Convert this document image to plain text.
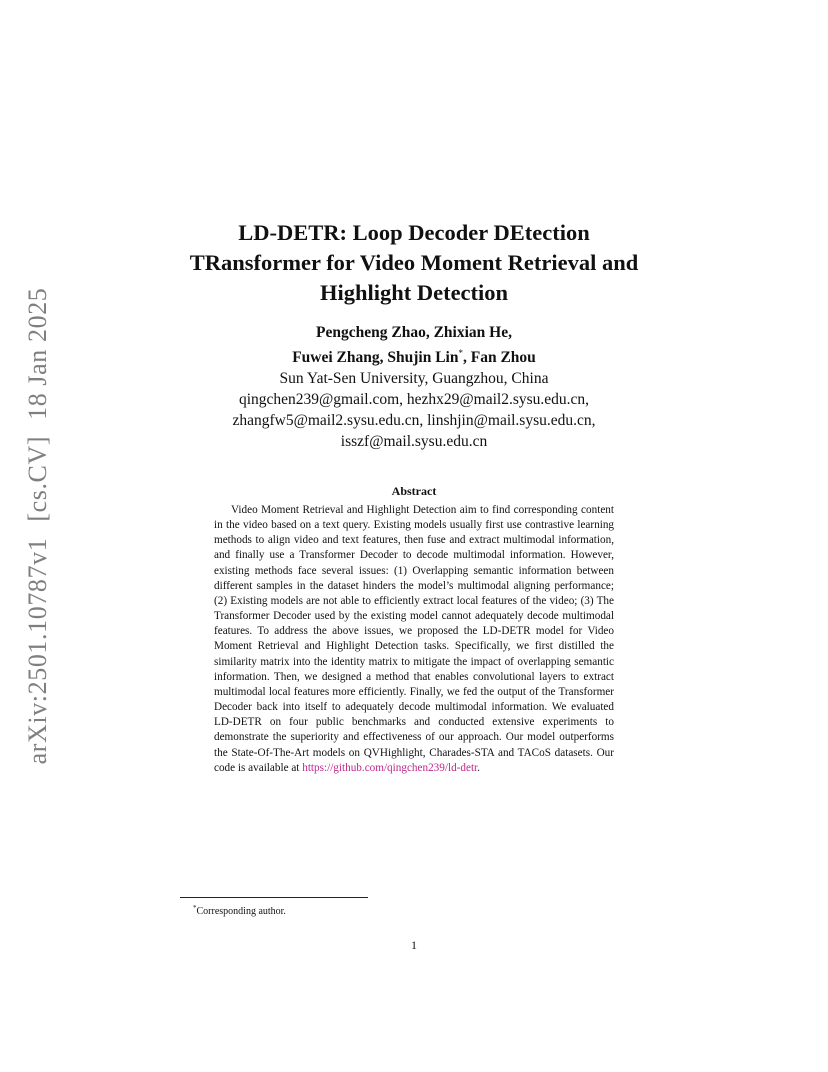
arXiv:2501.10787v1[cs.CV]18 Jan 2025
LD-DETR: Loop Decoder DEtection
TRansformer for Video Moment Retrieval and
Highlight Detection
Pengcheng Zhao, Zhixian He,
Fuwei Zhang, Shujin Lin*, Fan Zhou
Sun Yat-Sen University, Guangzhou, China
qingchen239@gmail.com, hezhx29@mail2.sysu.edu.cn,
zhangfw5@mail2.sysu.edu.cn, linshjin@mail.sysu.edu.cn,
isszf@mail.sysu.edu.cn
Abstract

Video Moment Retrieval and Highlight Detection aim to find corresponding content in the video based on a text query. Existing models usually first use contrastive learning methods to align video and text features, then fuse and extract multimodal information, and finally use a Transformer Decoder to decode multimodal information. However, existing methods face several issues: (1) Overlapping semantic information between different samples in the dataset hinders the model’s multimodal aligning performance; (2) Existing models are not able to efficiently extract local features of the video; (3) The Transformer Decoder used by the existing model cannot adequately decode multimodal features. To address the above issues, we proposed the LD-DETR model for Video Moment Retrieval and Highlight Detection tasks. Specifically, we first distilled the similarity matrix into the identity matrix to mitigate the impact of overlapping semantic information. Then, we designed a method that enables convolutional layers to extract multimodal local features more efficiently. Finally, we fed the output of the Transformer Decoder back into itself to adequately decode multimodal information. We evaluated LD-DETR on four public benchmarks and conducted extensive experiments to demonstrate the superiority and effectiveness of our approach. Our model outperforms the State-Of-The-Art models on QVHighlight, Charades-STA and TACoS datasets. Our code is available at https://github.com/qingchen239/ld-detr.

*Corresponding author.
1
